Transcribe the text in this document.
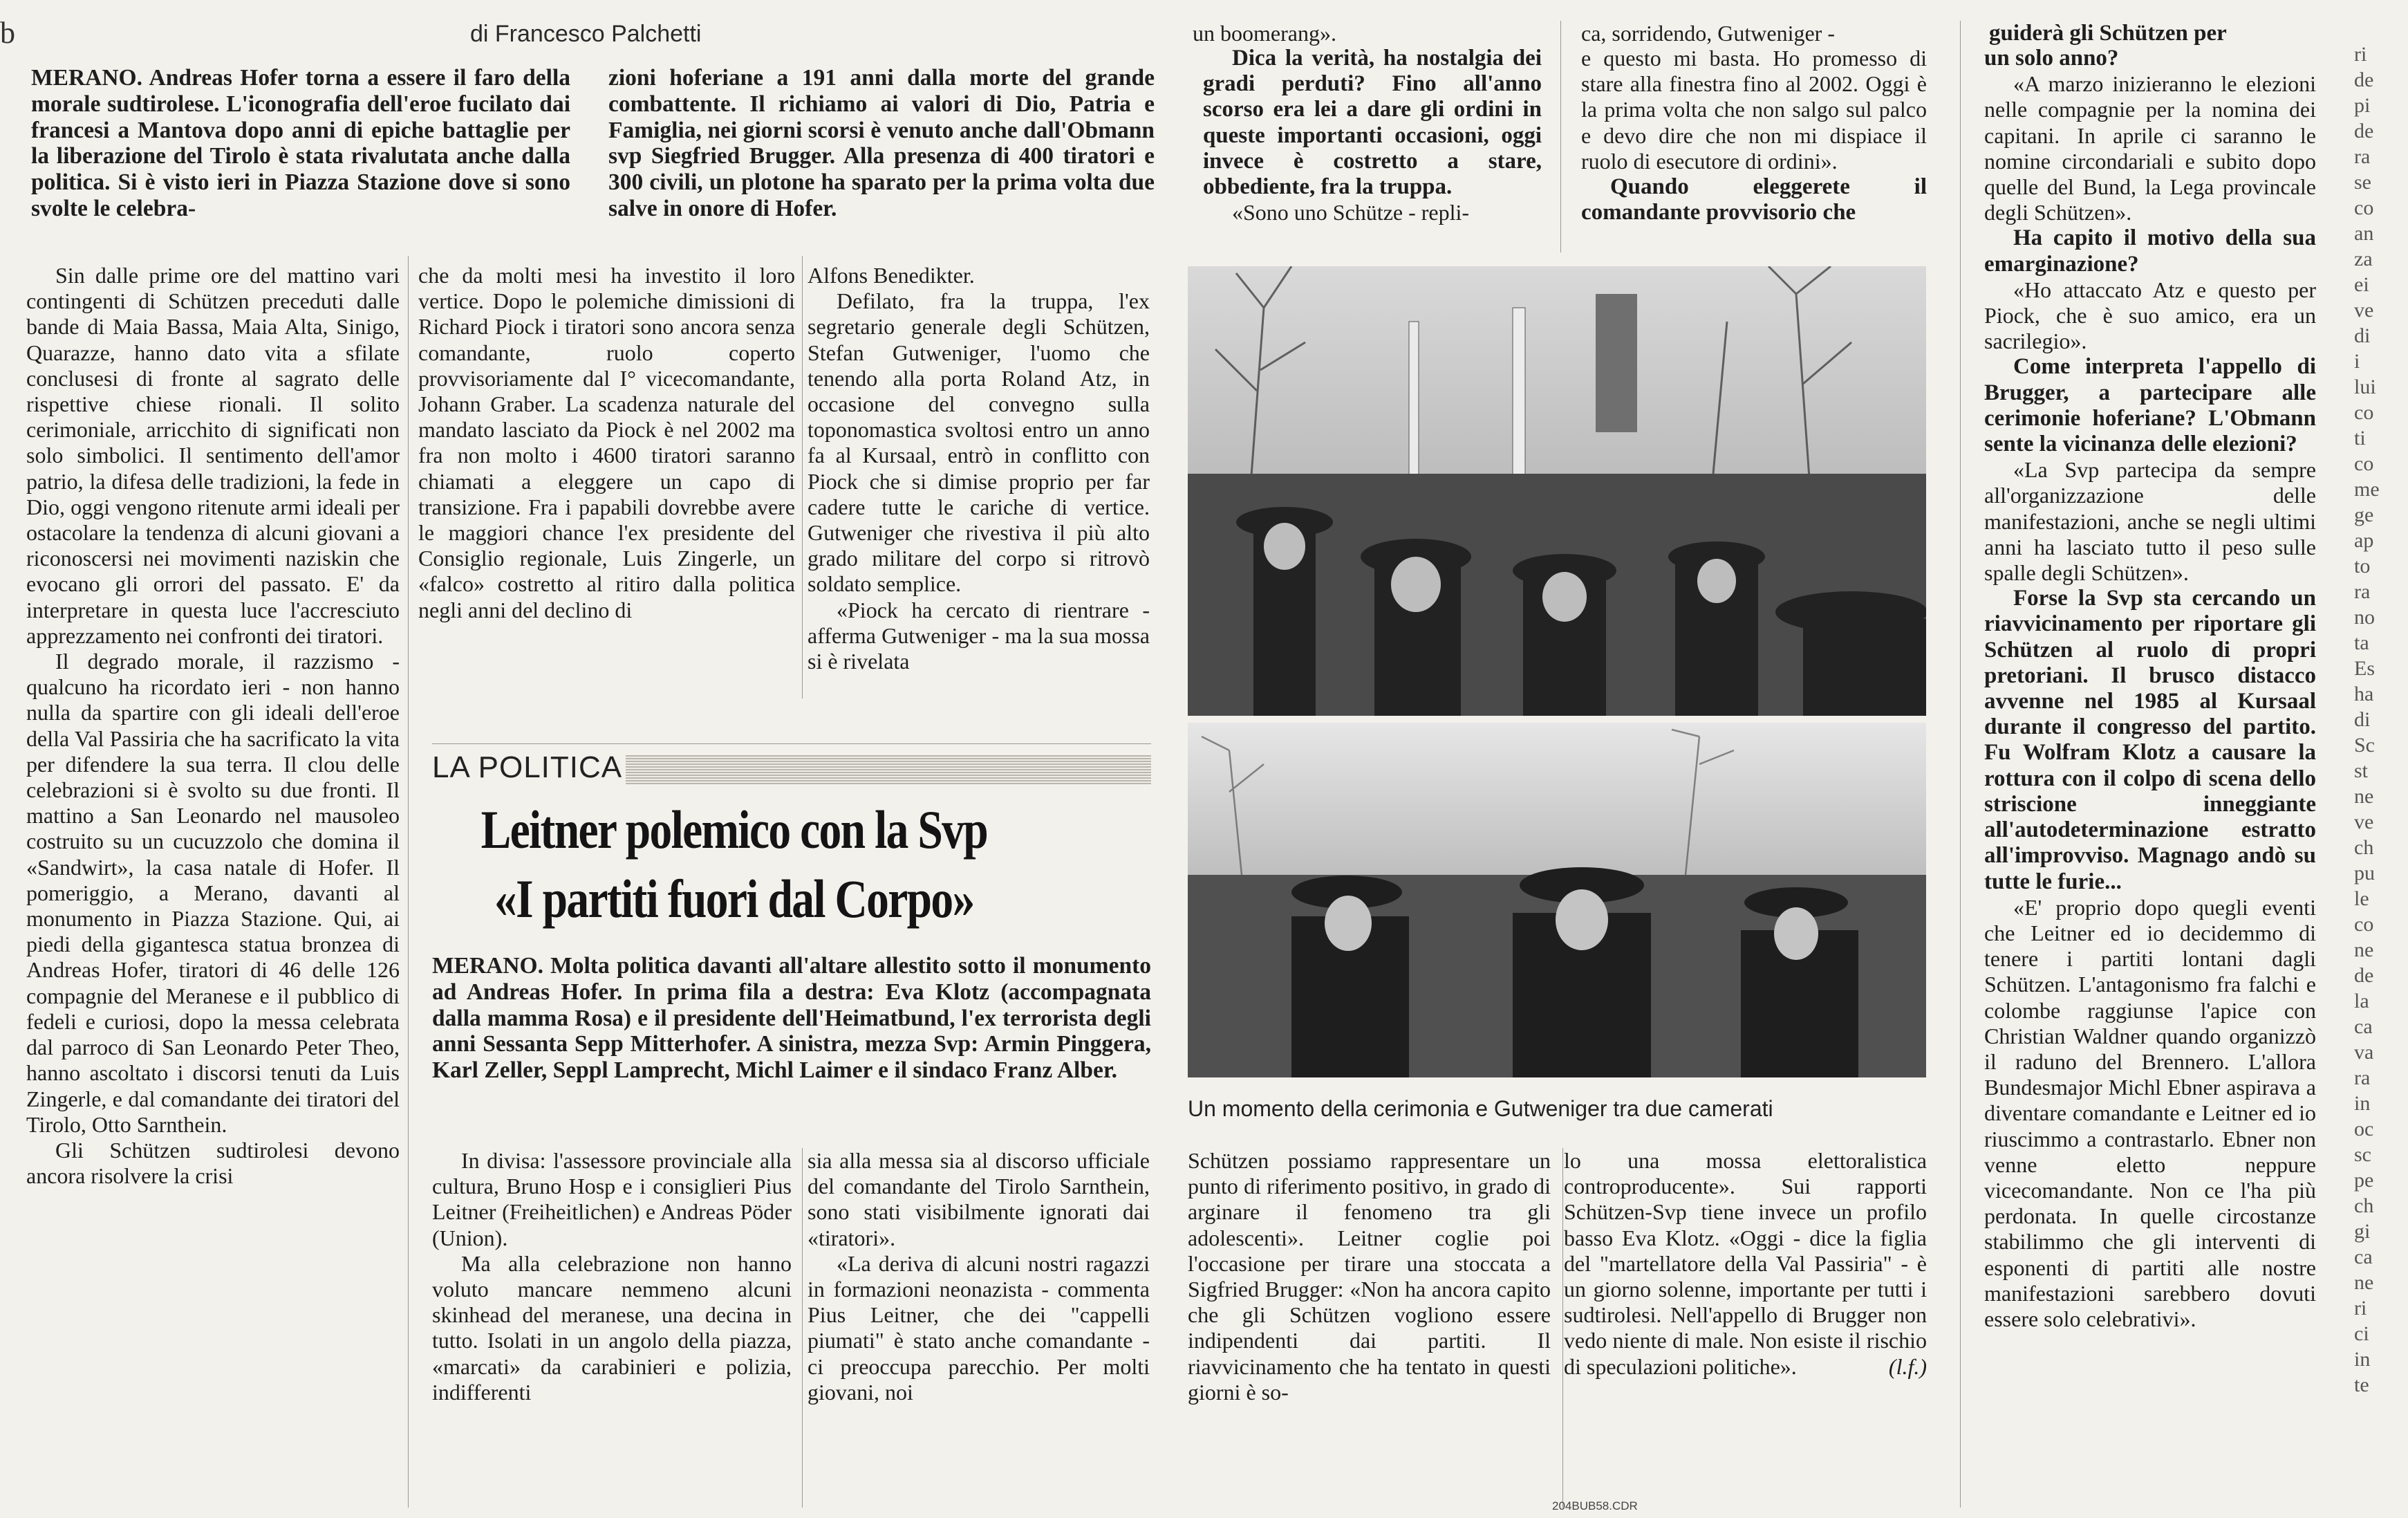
b	un boomerang».	ca, sorridendo, Gutweniger -	guiderà gli Schützen per
ri
de
pi
de
ra
se
co
an
za
ei
ve
di
i
lui
co
ti
co
me
ge
ap
to
ra
no
ta
Es
ha
di
Sc
st
ne
ve
ch
pu
le
co
ne
de
la
ca
va
ra
in
oc
sc
pe
ch
gi
ca
ne
ri
ci
in
te
di Francesco Palchetti

MERANO. Andreas Hofer torna a essere il faro della morale sudtirolese. L'iconografia dell'eroe fucilato dai francesi a Mantova dopo anni di epiche battaglie per la liberazione del Tirolo è stata rivalutata anche dalla politica. Si è visto ieri in Piazza Stazione dove si sono svolte le celebra-

zioni hoferiane a 191 anni dalla morte del grande combattente. Il richiamo ai valori di Dio, Patria e Famiglia, nei giorni scorsi è venuto anche dall'Obmann svp Siegfried Brugger. Alla presenza di 400 tiratori e 300 civili, un plotone ha sparato per la prima volta due salve in onore di Hofer.

Sin dalle prime ore del mattino vari contingenti di Schützen preceduti dalle bande di Maia Bassa, Maia Alta, Sinigo, Quarazze, hanno dato vita a sfilate conclusesi di fronte al sagrato delle rispettive chiese rionali. Il solito cerimoniale, arricchito di significati non solo simbolici. Il sentimento dell'amor patrio, la difesa delle tradizioni, la fede in Dio, oggi vengono ritenute armi ideali per ostacolare la tendenza di alcuni giovani a riconoscersi nei movimenti naziskin che evocano gli orrori del passato. E' da interpretare in questa luce l'accresciuto apprezzamento nei confronti dei tiratori.

Il degrado morale, il razzismo - qualcuno ha ricordato ieri - non hanno nulla da spartire con gli ideali dell'eroe della Val Passiria che ha sacrificato la vita per difendere la sua terra. Il clou delle celebrazioni si è svolto su due fronti. Il mattino a San Leonardo nel mausoleo costruito su un cucuzzolo che domina il «Sandwirt», la casa natale di Hofer. Il pomeriggio, a Merano, davanti al monumento in Piazza Stazione. Qui, ai piedi della gigantesca statua bronzea di Andreas Hofer, tiratori di 46 delle 126 compagnie del Meranese e il pubblico di fedeli e curiosi, dopo la messa celebrata dal parroco di San Leonardo Peter Theo, hanno ascoltato i discorsi tenuti da Luis Zingerle, e dal comandante dei tiratori del Tirolo, Otto Sarnthein.

Gli Schützen sudtirolesi devono ancora risolvere la crisi

che da molti mesi ha investito il loro vertice. Dopo le polemiche dimissioni di Richard Piock i tiratori sono ancora senza comandante, ruolo coperto provvisoriamente dal I° vicecomandante, Johann Graber. La scadenza naturale del mandato lasciato da Piock è nel 2002 ma fra non molto i 4600 tiratori saranno chiamati a eleggere un capo di transizione. Fra i papabili dovrebbe avere le maggiori chance l'ex presidente del Consiglio regionale, Luis Zingerle, un «falco» costretto al ritiro dalla politica negli anni del declino di

Alfons Benedikter.

Defilato, fra la truppa, l'ex segretario generale degli Schützen, Stefan Gutweniger, l'uomo che tenendo alla porta Roland Atz, in occasione del convegno sulla toponomastica svoltosi entro un anno fa al Kursaal, entrò in conflitto con Piock che si dimise proprio per far cadere tutte le cariche di vertice. Gutweniger che rivestiva il più alto grado militare del corpo si ritrovò soldato semplice.

«Piock ha cercato di rientrare - afferma Gutweniger - ma la sua mossa si è rivelata

Dica la verità, ha nostalgia dei gradi perduti? Fino all'anno scorso era lei a dare gli ordini in queste importanti occasioni, oggi invece è costretto a stare, obbediente, fra la truppa.

«Sono uno Schütze - repli-

e questo mi basta. Ho promesso di stare alla finestra fino al 2002. Oggi è la prima volta che non salgo sul palco e devo dire che non mi dispiace il ruolo di esecutore di ordini».

Quando eleggerete il comandante provvisorio che

un solo anno?

«A marzo inizieranno le elezioni nelle compagnie per la nomina dei capitani. In aprile ci saranno le nomine circondariali e subito dopo quelle del Bund, la Lega provincale degli Schützen».

Ha capito il motivo della sua emarginazione?

«Ho attaccato Atz e questo per Piock, che è suo amico, era un sacrilegio».

Come interpreta l'appello di Brugger, a partecipare alle cerimonie hoferiane? L'Obmann sente la vicinanza delle elezioni?

«La Svp partecipa da sempre all'organizzazione delle manifestazioni, anche se negli ultimi anni ha lasciato tutto il peso sulle spalle degli Schützen».

Forse la Svp sta cercando un riavvicinamento per riportare gli Schützen al ruolo di propri pretoriani. Il brusco distacco avvenne nel 1985 al Kursaal durante il congresso del partito. Fu Wolfram Klotz a causare la rottura con il colpo di scena dello striscione inneggiante all'autodeterminazione estratto all'improvviso. Magnago andò su tutte le furie...

«E' proprio dopo quegli eventi che Leitner ed io decidemmo di tenere i partiti lontani dagli Schützen. L'antagonismo fra falchi e colombe raggiunse l'apice con Christian Waldner quando organizzò il raduno del Brennero. L'allora Bundesmajor Michl Ebner aspirava a diventare comandante e Leitner ed io riuscimmo a contrastarlo. Ebner non venne eletto neppure vicecomandante. Non ce l'ha più perdonata. In quelle circostanze stabilimmo che gli interventi di esponenti di partiti alle nostre manifestazioni sarebbero dovuti essere solo celebrativi».

Un momento della cerimonia e Gutweniger tra due camerati
LA POLITICA
Leitner polemico con la Svp
«I partiti fuori dal Corpo»

MERANO. Molta politica davanti all'altare allestito sotto il monumento ad Andreas Hofer. In prima fila a destra: Eva Klotz (accompagnata dalla mamma Rosa) e il presidente dell'Heimatbund, l'ex terrorista degli anni Sessanta Sepp Mitterhofer. A sinistra, mezza Svp: Armin Pinggera, Karl Zeller, Seppl Lamprecht, Michl Laimer e il sindaco Franz Alber.

In divisa: l'assessore provinciale alla cultura, Bruno Hosp e i consiglieri Pius Leitner (Freiheitlichen) e Andreas Pöder (Union).

Ma alla celebrazione non hanno voluto mancare nemmeno alcuni skinhead del meranese, una decina in tutto. Isolati in un angolo della piazza, «marcati» da carabinieri e polizia, indifferenti

sia alla messa sia al discorso ufficiale del comandante del Tirolo Sarnthein, sono stati visibilmente ignorati dai «tiratori».

«La deriva di alcuni nostri ragazzi in formazioni neonazista - commenta Pius Leitner, che dei "cappelli piumati" è stato anche comandante - ci preoccupa parecchio. Per molti giovani, noi

Schützen possiamo rappresentare un punto di riferimento positivo, in grado di arginare il fenomeno tra gli adolescenti». Leitner coglie poi l'occasione per tirare una stoccata a Sigfried Brugger: «Non ha ancora capito che gli Schützen vogliono essere indipendenti dai partiti. Il riavvicinamento che ha tentato in questi giorni è so-

lo una mossa elettoralistica controproducente». Sui rapporti Schützen-Svp tiene invece un profilo basso Eva Klotz. «Oggi - dice la figlia del "martellatore della Val Passiria" - è un giorno solenne, importante per tutti i sudtirolesi. Nell'appello di Brugger non vedo niente di male. Non esiste il rischio di speculazioni politiche».	(l.f.)
204BUB58.CDR
